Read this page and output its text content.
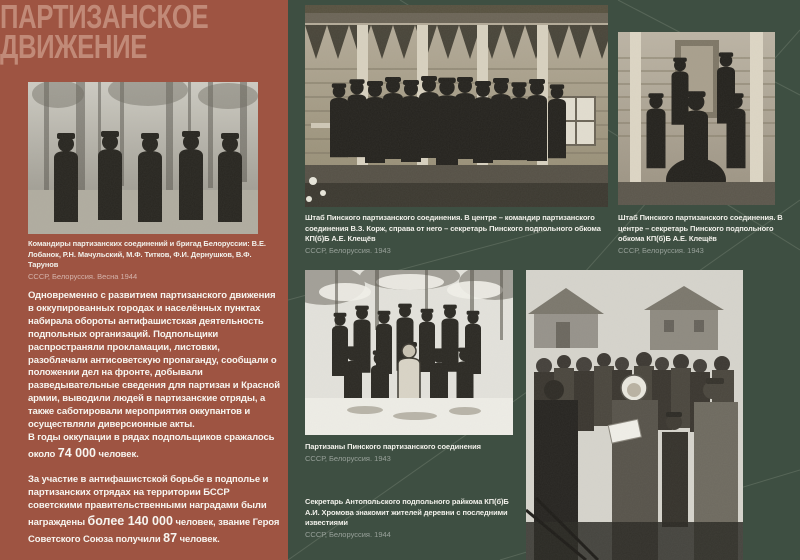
ПАРТИЗАНСКОЕ
ДВИЖЕНИЕ
Командиры партизанских соединений и бригад Белоруссии: В.Е. Лобанок, Р.Н. Мачульский, М.Ф. Титков, Ф.И. Дернушков, В.Ф. Тарунов
СССР, Белоруссия. Весна 1944

Одновременно с развитием партизанского движения в оккупированных городах и населённых пунктах набирала обороты антифашистская деятельность подпольных организаций. Подпольщики распространяли прокламации, листовки, разоблачали антисоветскую пропаганду, сообщали о положении дел на фронте, добывали разведывательные сведения для партизан и Красной армии, выводили людей в партизанские отряды, а также саботировали мероприятия оккупантов и осуществляли диверсионные акты.
В годы оккупации в рядах подпольщиков сражалось около 74 000 человек.

За участие в антифашистской борьбе в подполье и партизанских отрядах на территории БССР советскими правительственными наградами были награждены более 140 000 человек, звание Героя Советского Союза получили 87 человек.

Штаб Пинского партизанского соединения. В центре – командир партизанского соединения В.З. Корж, справа от него – секретарь Пинского подпольного обкома КП(б)Б А.Е. Клещёв
СССР, Белоруссия. 1943
Штаб Пинского партизанского соединения. В центре – секретарь Пинского подпольного обкома КП(б)Б А.Е. Клещёв
СССР, Белоруссия. 1943
Партизаны Пинского партизанского соединения
СССР, Белоруссия. 1943
Секретарь Антопольского подпольного райкома КП(б)Б А.И. Хромова знакомит жителей деревни с последними известиями
СССР, Белоруссия. 1944
